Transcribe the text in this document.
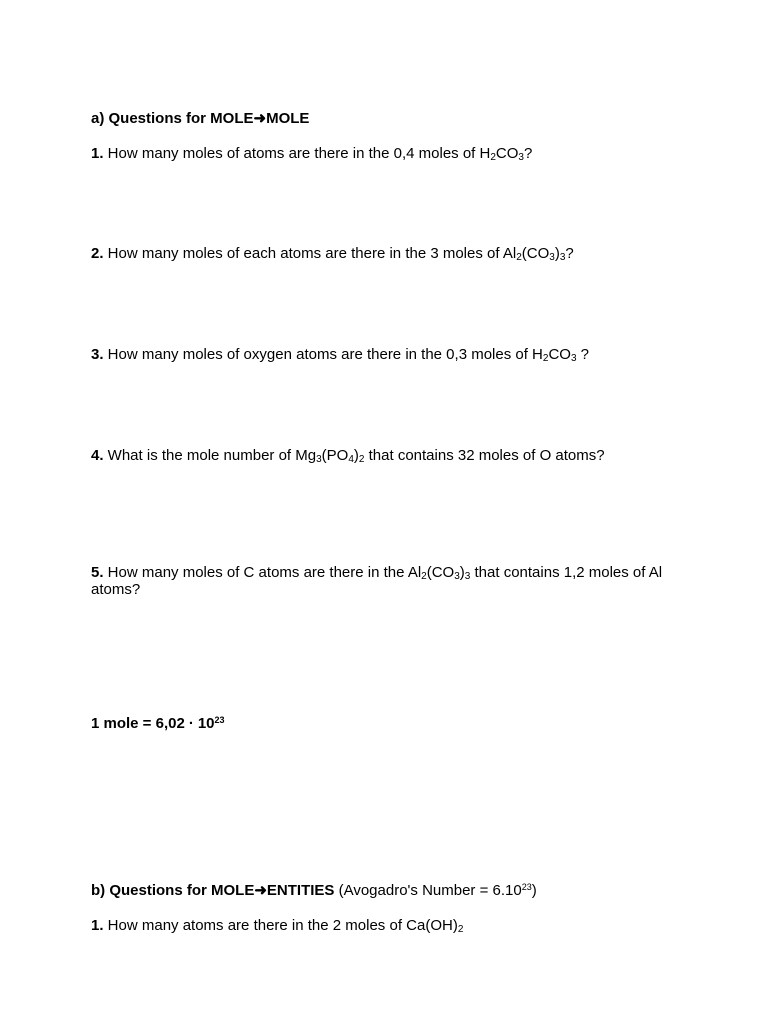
a) Questions for MOLE➜MOLE
1. How many moles of atoms are there in the 0,4 moles of $H_2CO_3$?
2. How many moles of each atoms are there in the 3 moles of $Al_2(CO_3)_3$?
3. How many moles of oxygen atoms are there in the 0,3 moles of $H_2CO_3$ ?
4. What is the mole number of $Mg_3(PO_4)_2$ that contains 32 moles of O atoms?
5. How many moles of C atoms are there in the $Al_2(CO_3)_3$ that contains 1,2 moles of Al atoms?
1 mole = $6,02 \cdot 10^{23}$
b) Questions for MOLE➜ENTITIES (Avogadro's Number = $6.10^{23}$)
1. How many atoms are there in the 2 moles of $Ca(OH)_2$
